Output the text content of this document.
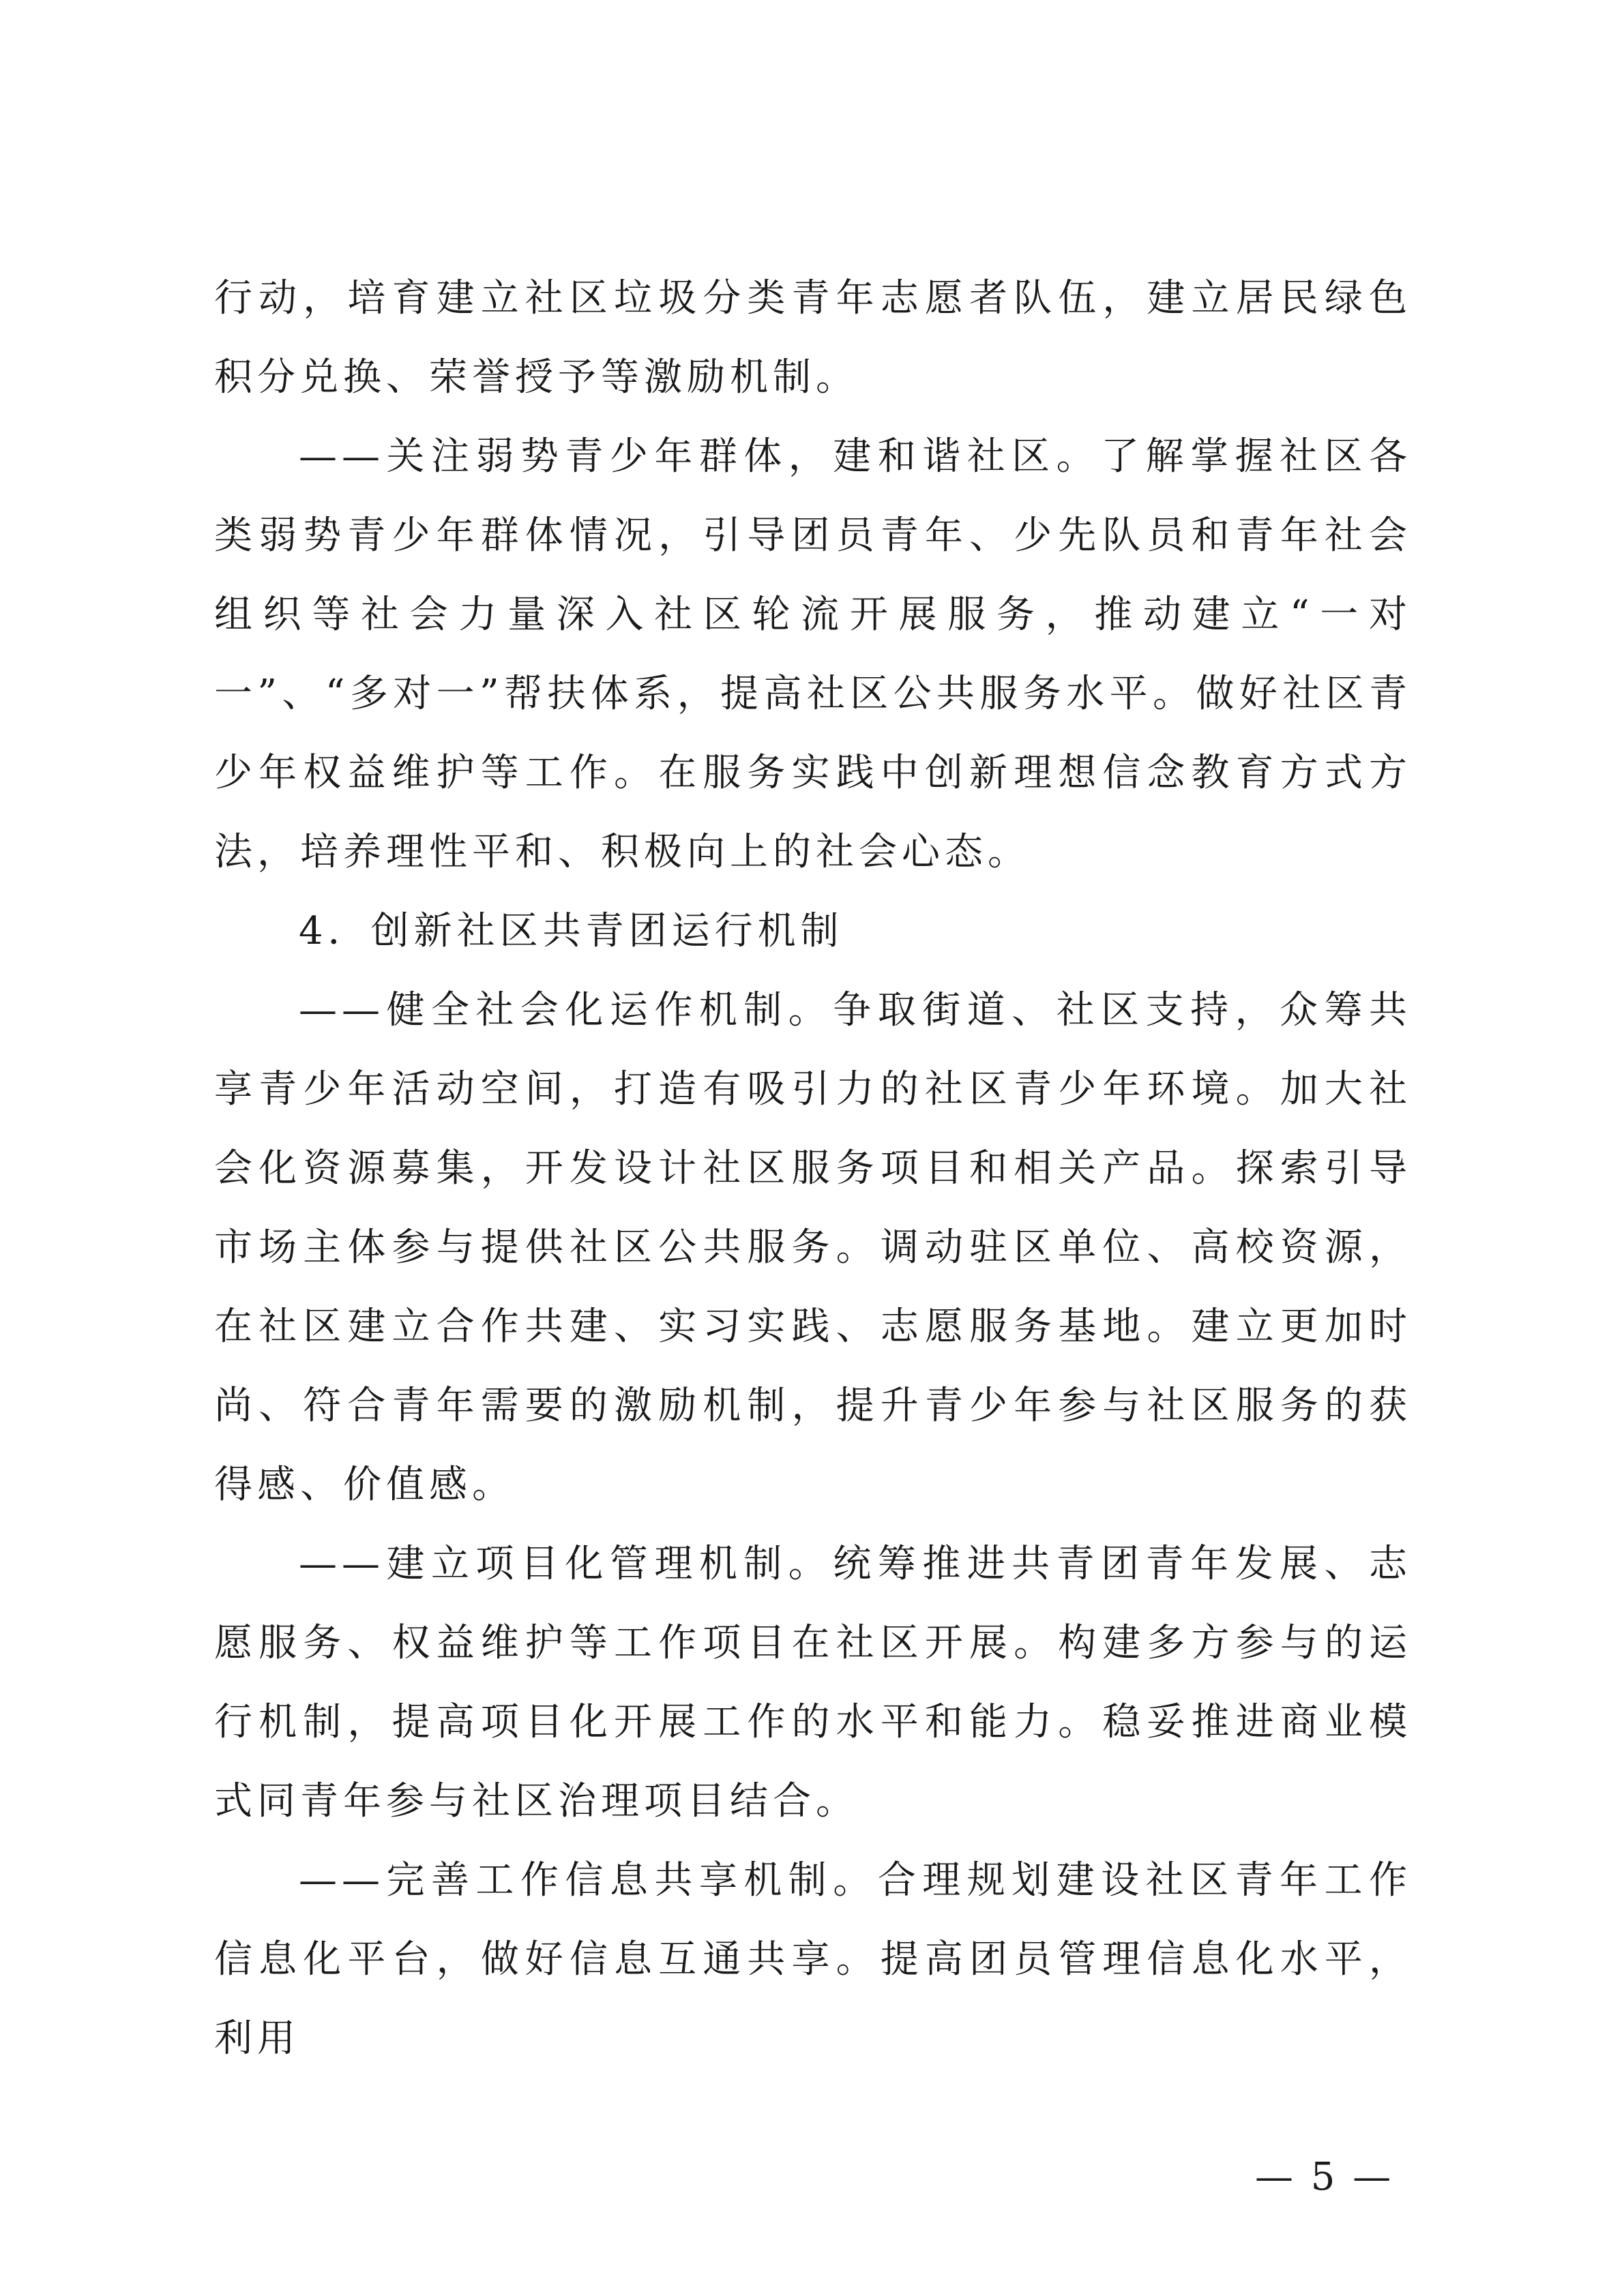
行动，培育建立社区垃圾分类青年志愿者队伍，建立居民绿色积分兑换、荣誉授予等激励机制。

——关注弱势青少年群体，建和谐社区。了解掌握社区各类弱势青少年群体情况，引导团员青年、少先队员和青年社会组织等社会力量深入社区轮流开展服务，推动建立“一对一”、“多对一”帮扶体系，提高社区公共服务水平。做好社区青少年权益维护等工作。在服务实践中创新理想信念教育方式方法，培养理性平和、积极向上的社会心态。

4．创新社区共青团运行机制

——健全社会化运作机制。争取街道、社区支持，众筹共享青少年活动空间，打造有吸引力的社区青少年环境。加大社会化资源募集，开发设计社区服务项目和相关产品。探索引导市场主体参与提供社区公共服务。调动驻区单位、高校资源，在社区建立合作共建、实习实践、志愿服务基地。建立更加时尚、符合青年需要的激励机制，提升青少年参与社区服务的获得感、价值感。

——建立项目化管理机制。统筹推进共青团青年发展、志愿服务、权益维护等工作项目在社区开展。构建多方参与的运行机制，提高项目化开展工作的水平和能力。稳妥推进商业模式同青年参与社区治理项目结合。

——完善工作信息共享机制。合理规划建设社区青年工作信息化平台，做好信息互通共享。提高团员管理信息化水平，利用

— 5 —
